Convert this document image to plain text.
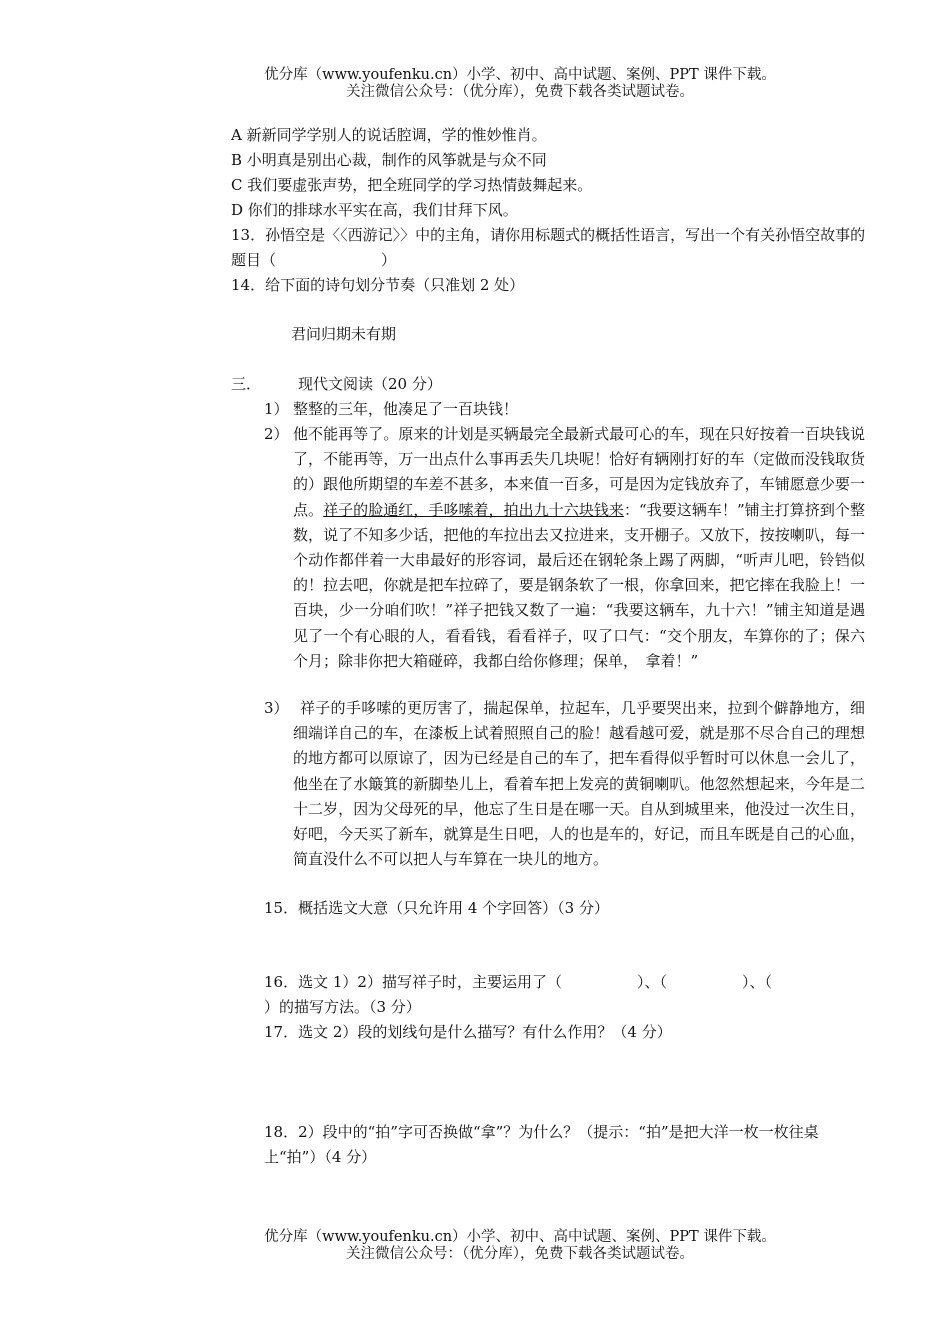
优分库（www.youfenku.cn）小学、初中、高中试题、案例、PPT 课件下载。
关注微信公众号：（优分库），免费下载各类试题试卷。
A 新新同学学别人的说话腔调，学的惟妙惟肖。
B 小明真是别出心裁，制作的风筝就是与众不同
C 我们要虚张声势，把全班同学的学习热情鼓舞起来。
D 你们的排球水平实在高，我们甘拜下风。
13．孙悟空是〈〈西游记〉〉中的主角，请你用标题式的概括性语言，写出一个有关孙悟空故事的
题目（　　　　　　　）
14．给下面的诗句划分节奏（只准划 2 处）
君问归期未有期
三． 现代文阅读（20 分）
1） 整整的三年，他凑足了一百块钱！
2） 他不能再等了。原来的计划是买辆最完全最新式最可心的车，现在只好按着一百块钱说了，不能再等，万一出点什么事再丢失几块呢！恰好有辆刚打好的车（定做而没钱取货的）跟他所期望的车差不甚多，本来值一百多，可是因为定钱放弃了，车铺愿意少要一点。祥子的脸通红，手哆嗦着，拍出九十六块钱来：“我要这辆车！”铺主打算挤到个整数，说了不知多少话，把他的车拉出去又拉进来，支开棚子。又放下，按按喇叭，每一个动作都伴着一大串最好的形容词，最后还在钢轮条上踢了两脚，“听声儿吧，铃铛似的！拉去吧，你就是把车拉碎了，要是钢条软了一根，你拿回来，把它摔在我脸上！一百块，少一分咱们吹！”祥子把钱又数了一遍：“我要这辆车，九十六！”铺主知道是遇见了一个有心眼的人，看看钱，看看祥子，叹了口气：“交个朋友，车算你的了；保六个月；除非你把大箱碰碎，我都白给你修理；保单，　拿着！”
3） 祥子的手哆嗦的更厉害了，揣起保单，拉起车，几乎要哭出来，拉到个僻静地方，细细端详自己的车，在漆板上试着照照自己的脸！越看越可爱，就是那不尽合自己的理想的地方都可以原谅了，因为已经是自己的车了，把车看得似乎暂时可以休息一会儿了，他坐在了水簸箕的新脚垫儿上，看着车把上发亮的黄铜喇叭。他忽然想起来，今年是二十二岁，因为父母死的早，他忘了生日是在哪一天。自从到城里来，他没过一次生日，好吧，今天买了新车，就算是生日吧，人的也是车的，好记，而且车既是自己的心血，简直没什么不可以把人与车算在一块儿的地方。
15．概括选文大意（只允许用 4 个字回答）（3 分）
16．选文 1）2）描写祥子时，主要运用了（　　　　　）、（　　　　　）、（
）的描写方法。（3 分）
17．选文 2）段的划线句是什么描写？有什么作用？（4 分）
18．2）段中的“拍”字可否换做“拿”？为什么？（提示：“拍”是把大洋一枚一枚往桌
上“拍”）（4 分）
优分库（www.youfenku.cn）小学、初中、高中试题、案例、PPT 课件下载。
关注微信公众号：（优分库），免费下载各类试题试卷。
